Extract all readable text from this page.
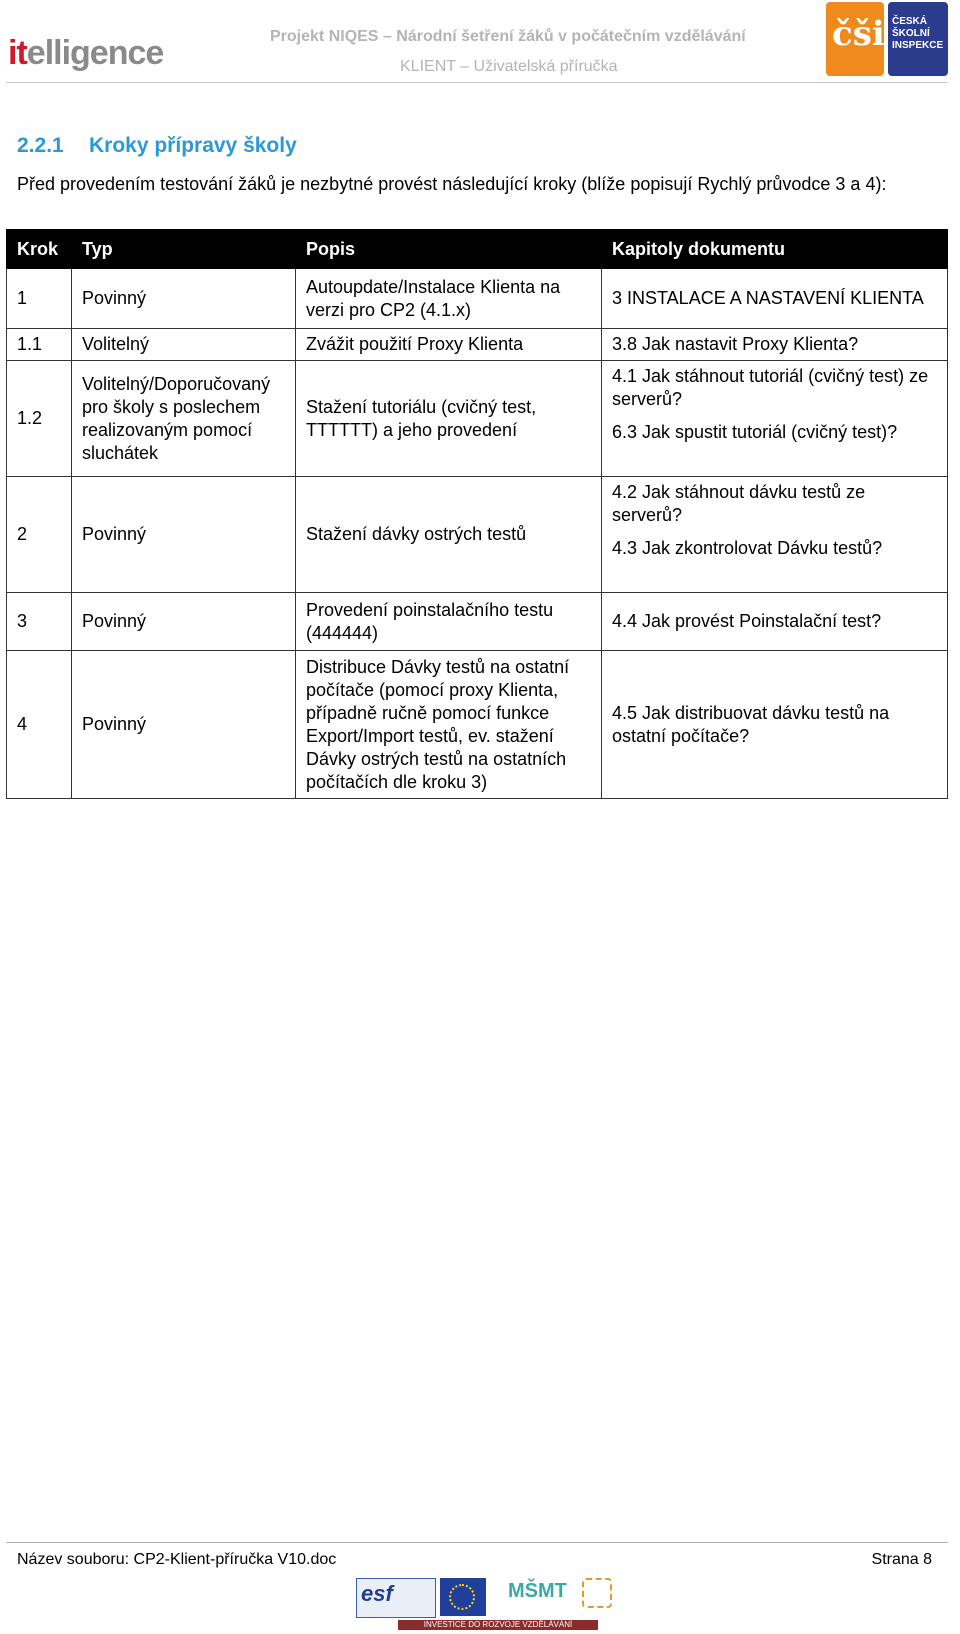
itelligence	Projekt NIQES – Národní šetření žáků v počátečním vzdělávání
KLIENT – Uživatelská příručka
čši ČESKÁ
ŠKOLNÍ
INSPEKCE
2.2.1 Kroky přípravy školy
Před provedením testování žáků je nezbytné provést následující kroky (blíže popisují Rychlý průvodce 3 a 4):
Krok	Typ	Popis	Kapitoly dokumentu
1	Povinný	Autoupdate/Instalace Klienta na verzi pro CP2 (4.1.x)	3 INSTALACE A NASTAVENÍ KLIENTA

1.1	Volitelný	Zvážit použití Proxy Klienta	3.8 Jak nastavit Proxy Klienta?

1.2	Volitelný/Doporučovaný pro školy s poslechem realizovaným pomocí sluchátek	Stažení tutoriálu (cvičný test, TTTTTT) a jeho provedení	4.1 Jak stáhnout tutoriál (cvičný test) ze serverů?
6.3 Jak spustit tutoriál (cvičný test)?

2	Povinný	Stažení dávky ostrých testů	4.2 Jak stáhnout dávku testů ze serverů?
4.3 Jak zkontrolovat Dávku testů?

3	Povinný	Provedení poinstalačního testu (444444)	4.4 Jak provést Poinstalační test?

4	Povinný	Distribuce Dávky testů na ostatní počítače (pomocí proxy Klienta, případně ručně pomocí funkce Export/Import testů, ev. stažení Dávky ostrých testů na ostatních počítačích dle kroku 3)	4.5 Jak distribuovat dávku testů na ostatní počítače?
Název souboru: CP2-Klient-příručka V10.doc	Strana 8
esf	MŠMT
INVESTICE DO ROZVOJE VZDĚLÁVÁNÍ
